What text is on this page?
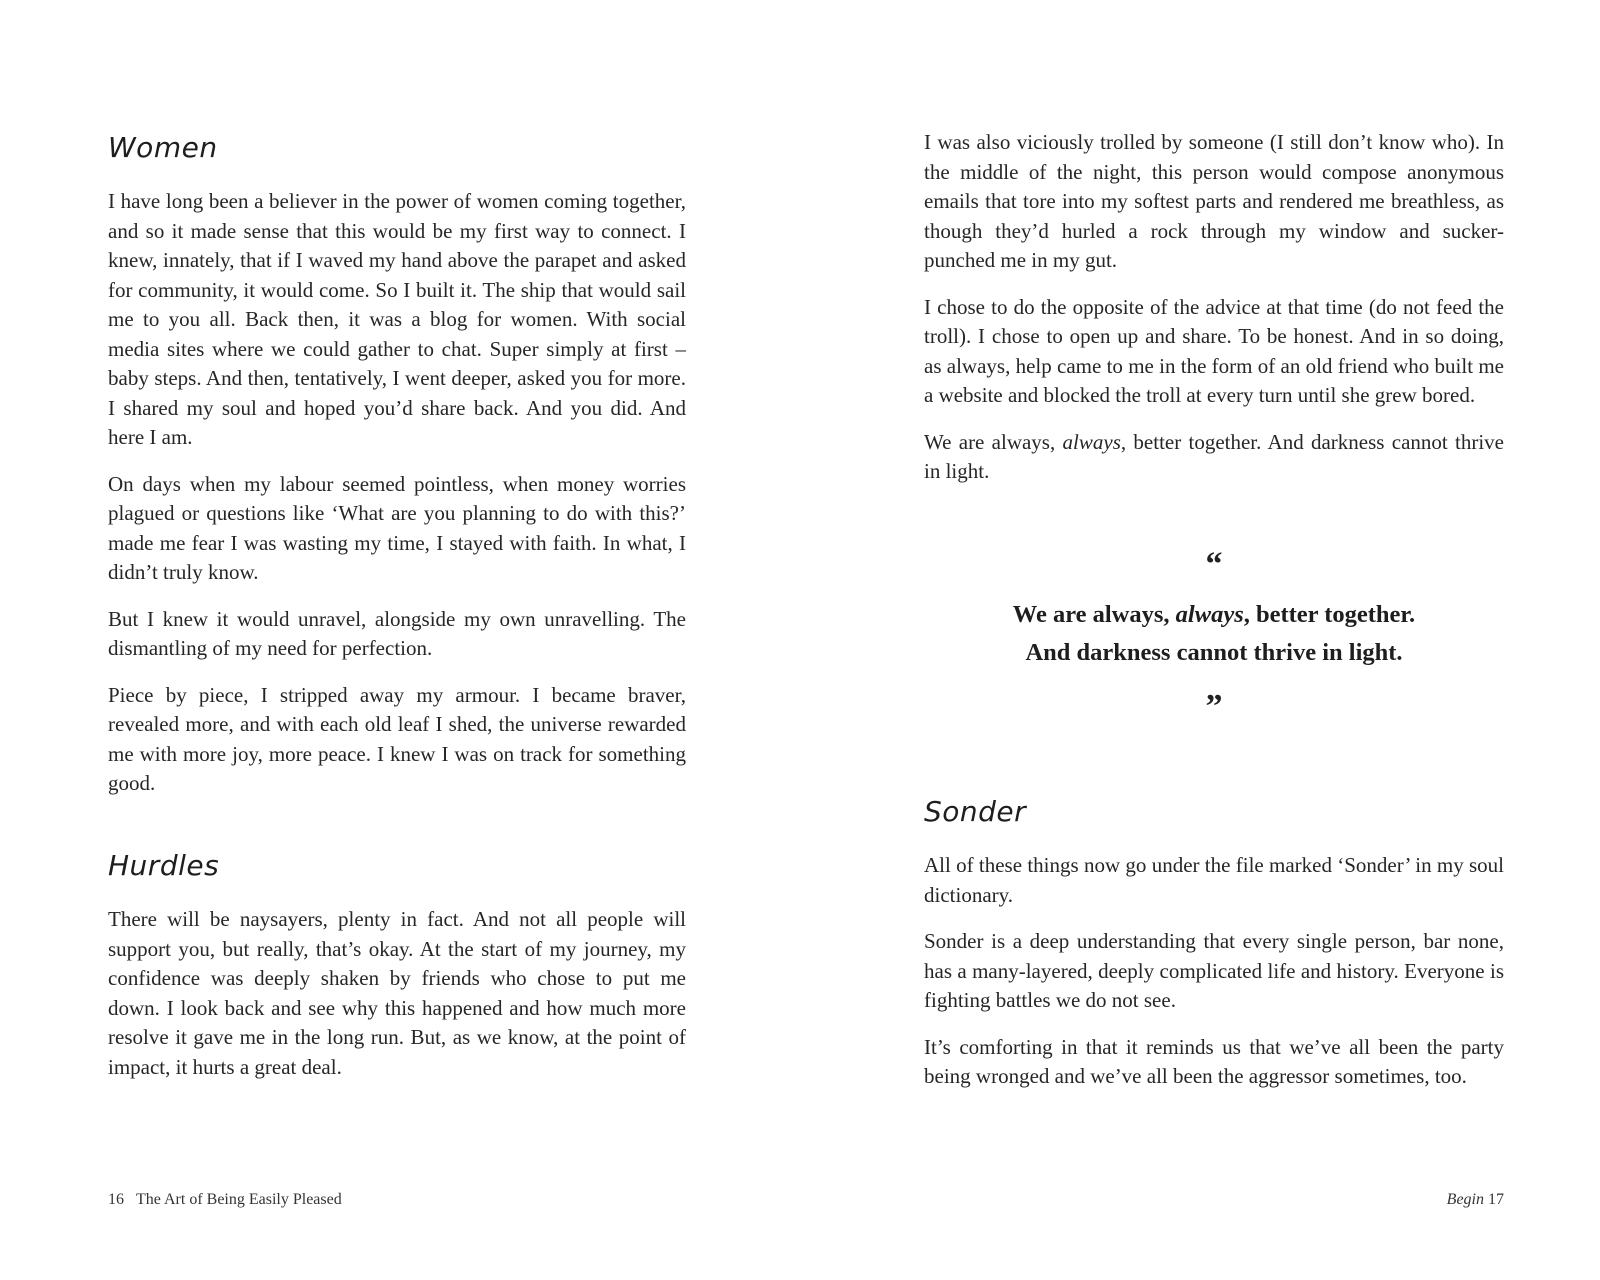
Women

I have long been a believer in the power of women coming together, and so it made sense that this would be my first way to connect. I knew, innately, that if I waved my hand above the parapet and asked for community, it would come. So I built it. The ship that would sail me to you all. Back then, it was a blog for women. With social media sites where we could gather to chat. Super simply at first – baby steps. And then, tentatively, I went deeper, asked you for more. I shared my soul and hoped you’d share back. And you did. And here I am.

On days when my labour seemed pointless, when money worries plagued or questions like ‘What are you planning to do with this?’ made me fear I was wasting my time, I stayed with faith. In what, I didn’t truly know.

But I knew it would unravel, alongside my own unravelling. The dismantling of my need for perfection.

Piece by piece, I stripped away my armour. I became braver, revealed more, and with each old leaf I shed, the universe rewarded me with more joy, more peace. I knew I was on track for something good.

Hurdles

There will be naysayers, plenty in fact. And not all people will support you, but really, that’s okay. At the start of my journey, my confidence was deeply shaken by friends who chose to put me down. I look back and see why this happened and how much more resolve it gave me in the long run. But, as we know, at the point of impact, it hurts a great deal.

16 The Art of Being Easily Pleased

I was also viciously trolled by someone (I still don’t know who). In the middle of the night, this person would compose anonymous emails that tore into my softest parts and rendered me breathless, as though they’d hurled a rock through my window and sucker-punched me in my gut.

I chose to do the opposite of the advice at that time (do not feed the troll). I chose to open up and share. To be honest. And in so doing, as always, help came to me in the form of an old friend who built me a website and blocked the troll at every turn until she grew bored.

We are always, always, better together. And darkness cannot thrive in light.

“
We are always, always, better together.
And darkness cannot thrive in light.
”
Sonder

All of these things now go under the file marked ‘Sonder’ in my soul dictionary.

Sonder is a deep understanding that every single person, bar none, has a many-layered, deeply complicated life and history. Everyone is fighting battles we do not see.

It’s comforting in that it reminds us that we’ve all been the party being wronged and we’ve all been the aggressor sometimes, too.

Begin 17
